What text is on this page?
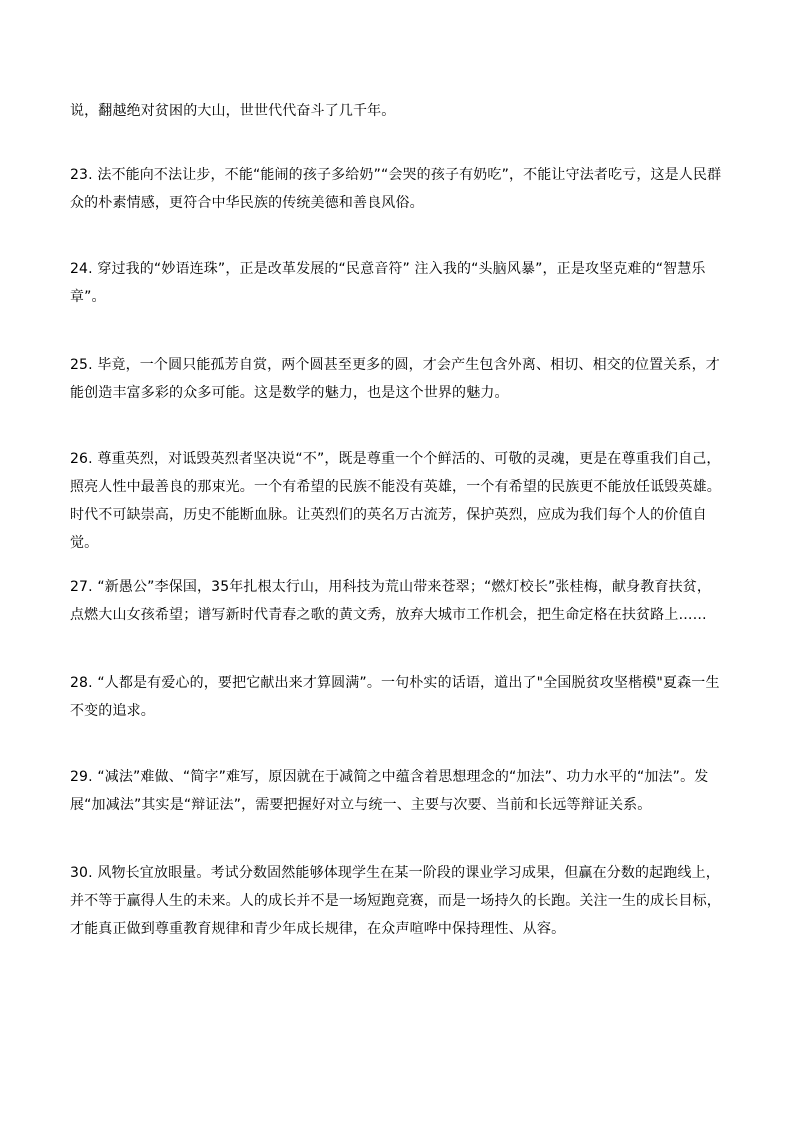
说，翻越绝对贫困的大山，世世代代奋斗了几千年。

23. 法不能向不法让步，不能“能闹的孩子多给奶”“会哭的孩子有奶吃”，不能让守法者吃亏，这是人民群众的朴素情感，更符合中华民族的传统美德和善良风俗。

24. 穿过我的“妙语连珠”，正是改革发展的“民意音符” 注入我的“头脑风暴”，正是攻坚克难的“智慧乐章”。

25. 毕竟，一个圆只能孤芳自赏，两个圆甚至更多的圆，才会产生包含外离、相切、相交的位置关系，才能创造丰富多彩的众多可能。这是数学的魅力，也是这个世界的魅力。

26. 尊重英烈，对诋毁英烈者坚决说“不”，既是尊重一个个鲜活的、可敬的灵魂，更是在尊重我们自己，照亮人性中最善良的那束光。一个有希望的民族不能没有英雄，一个有希望的民族更不能放任诋毁英雄。时代不可缺崇高，历史不能断血脉。让英烈们的英名万古流芳，保护英烈，应成为我们每个人的价值自觉。

27. “新愚公”李保国，35年扎根太行山，用科技为荒山带来苍翠；“燃灯校长”张桂梅，献身教育扶贫，点燃大山女孩希望；谱写新时代青春之歌的黄文秀，放弃大城市工作机会，把生命定格在扶贫路上……

28. “人都是有爱心的，要把它献出来才算圆满”。一句朴实的话语，道出了"全国脱贫攻坚楷模"夏森一生不变的追求。

29. “减法”难做、“简字”难写，原因就在于减简之中蕴含着思想理念的“加法”、功力水平的“加法”。发展“加减法”其实是“辩证法”，需要把握好对立与统一、主要与次要、当前和长远等辩证关系。

30. 风物长宜放眼量。考试分数固然能够体现学生在某一阶段的课业学习成果，但赢在分数的起跑线上，并不等于赢得人生的未来。人的成长并不是一场短跑竞赛，而是一场持久的长跑。关注一生的成长目标，才能真正做到尊重教育规律和青少年成长规律，在众声喧哗中保持理性、从容。
